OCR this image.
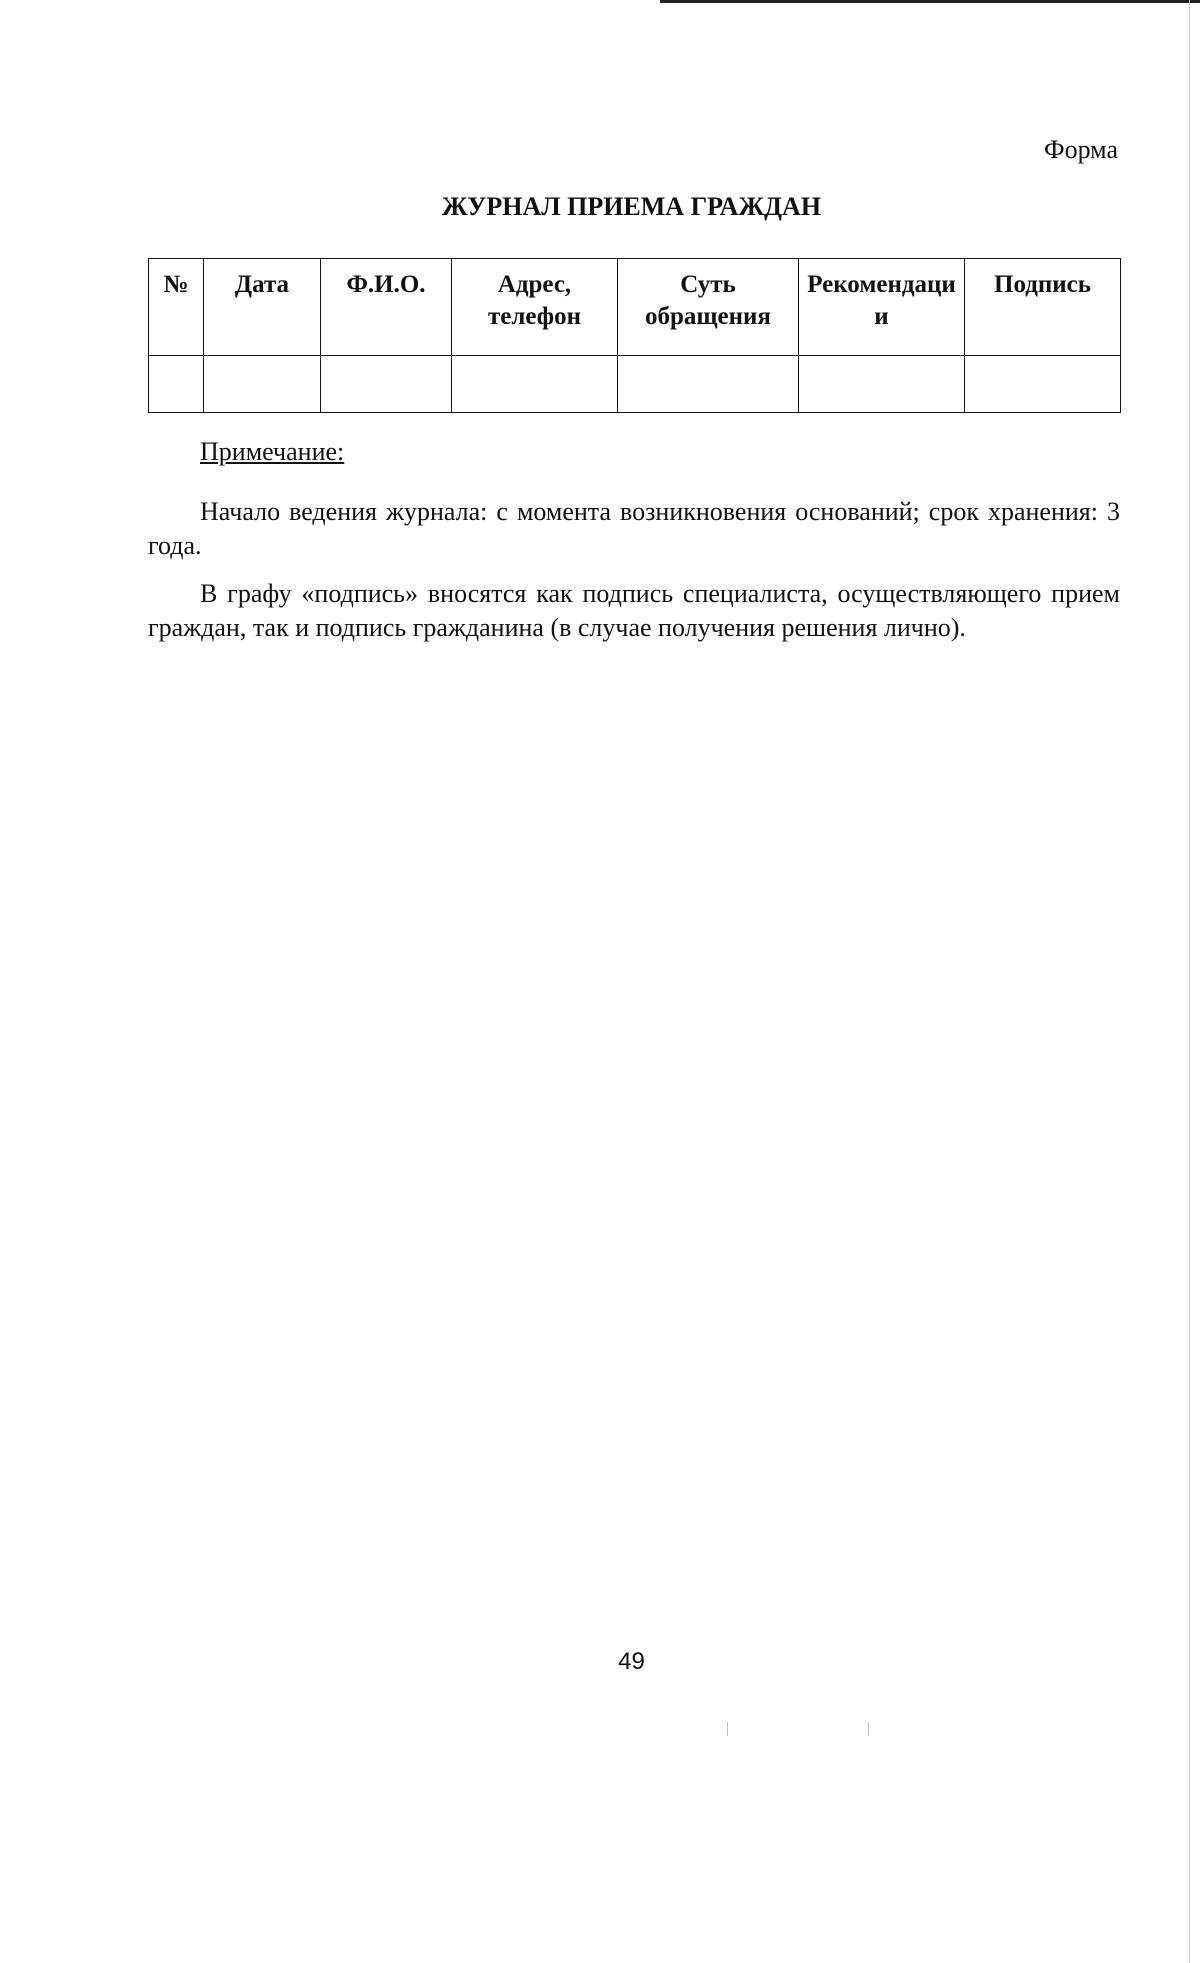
Форма
ЖУРНАЛ ПРИЕМА ГРАЖДАН
№	Дата	Ф.И.О.	Адрес, телефон	Суть обращения	Рекомендации	Подпись

Примечание:
Начало ведения журнала: с момента возникновения оснований; срок хранения: 3 года.
В графу «подпись» вносятся как подпись специалиста, осуществляющего прием граждан, так и подпись гражданина (в случае получения решения лично).
49
